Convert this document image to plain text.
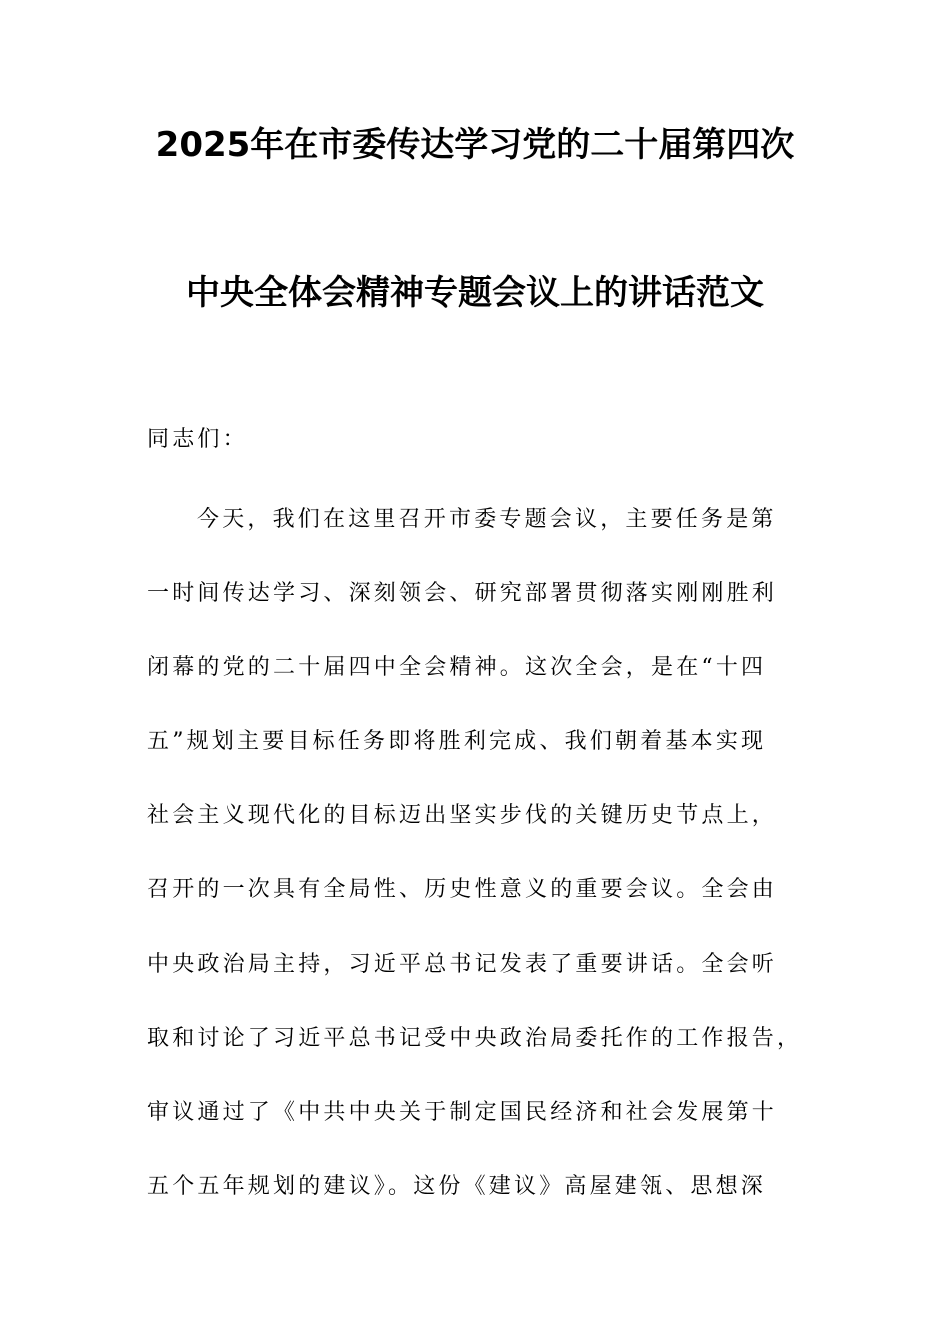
2025年在市委传达学习党的二十届第四次
中央全体会精神专题会议上的讲话范文
同志们：
今天，我们在这里召开市委专题会议，主要任务是第
一时间传达学习、深刻领会、研究部署贯彻落实刚刚胜利
闭幕的党的二十届四中全会精神。这次全会，是在“十四
五”规划主要目标任务即将胜利完成、我们朝着基本实现
社会主义现代化的目标迈出坚实步伐的关键历史节点上，
召开的一次具有全局性、历史性意义的重要会议。全会由
中央政治局主持，习近平总书记发表了重要讲话。全会听
取和讨论了习近平总书记受中央政治局委托作的工作报告，
审议通过了《中共中央关于制定国民经济和社会发展第十
五个五年规划的建议》。这份《建议》高屋建瓴、思想深
